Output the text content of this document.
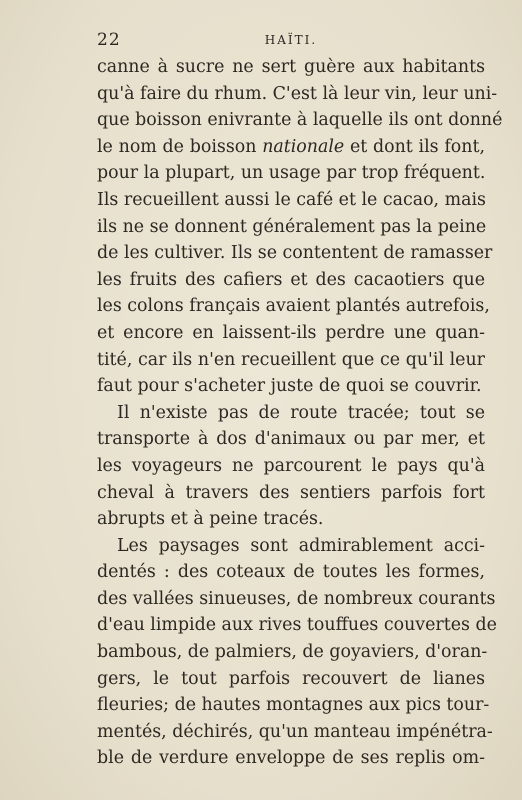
22	HAÏTI.
canne à sucre ne sert guère aux habitants
qu'à faire du rhum. C'est là leur vin, leur uni-
que boisson enivrante à laquelle ils ont donné
le nom de boisson nationale et dont ils font,
pour la plupart, un usage par trop fréquent.
Ils recueillent aussi le café et le cacao, mais
ils ne se donnent généralement pas la peine
de les cultiver. Ils se contentent de ramasser
les fruits des cafiers et des cacaotiers que
les colons français avaient plantés autrefois,
et encore en laissent-ils perdre une quan-
tité, car ils n'en recueillent que ce qu'il leur
faut pour s'acheter juste de quoi se couvrir.
Il n'existe pas de route tracée; tout se
transporte à dos d'animaux ou par mer, et
les voyageurs ne parcourent le pays qu'à
cheval à travers des sentiers parfois fort
abrupts et à peine tracés.
Les paysages sont admirablement acci-
dentés : des coteaux de toutes les formes,
des vallées sinueuses, de nombreux courants
d'eau limpide aux rives touffues couvertes de
bambous, de palmiers, de goyaviers, d'oran-
gers, le tout parfois recouvert de lianes
fleuries; de hautes montagnes aux pics tour-
mentés, déchirés, qu'un manteau impénétra-
ble de verdure enveloppe de ses replis om-
